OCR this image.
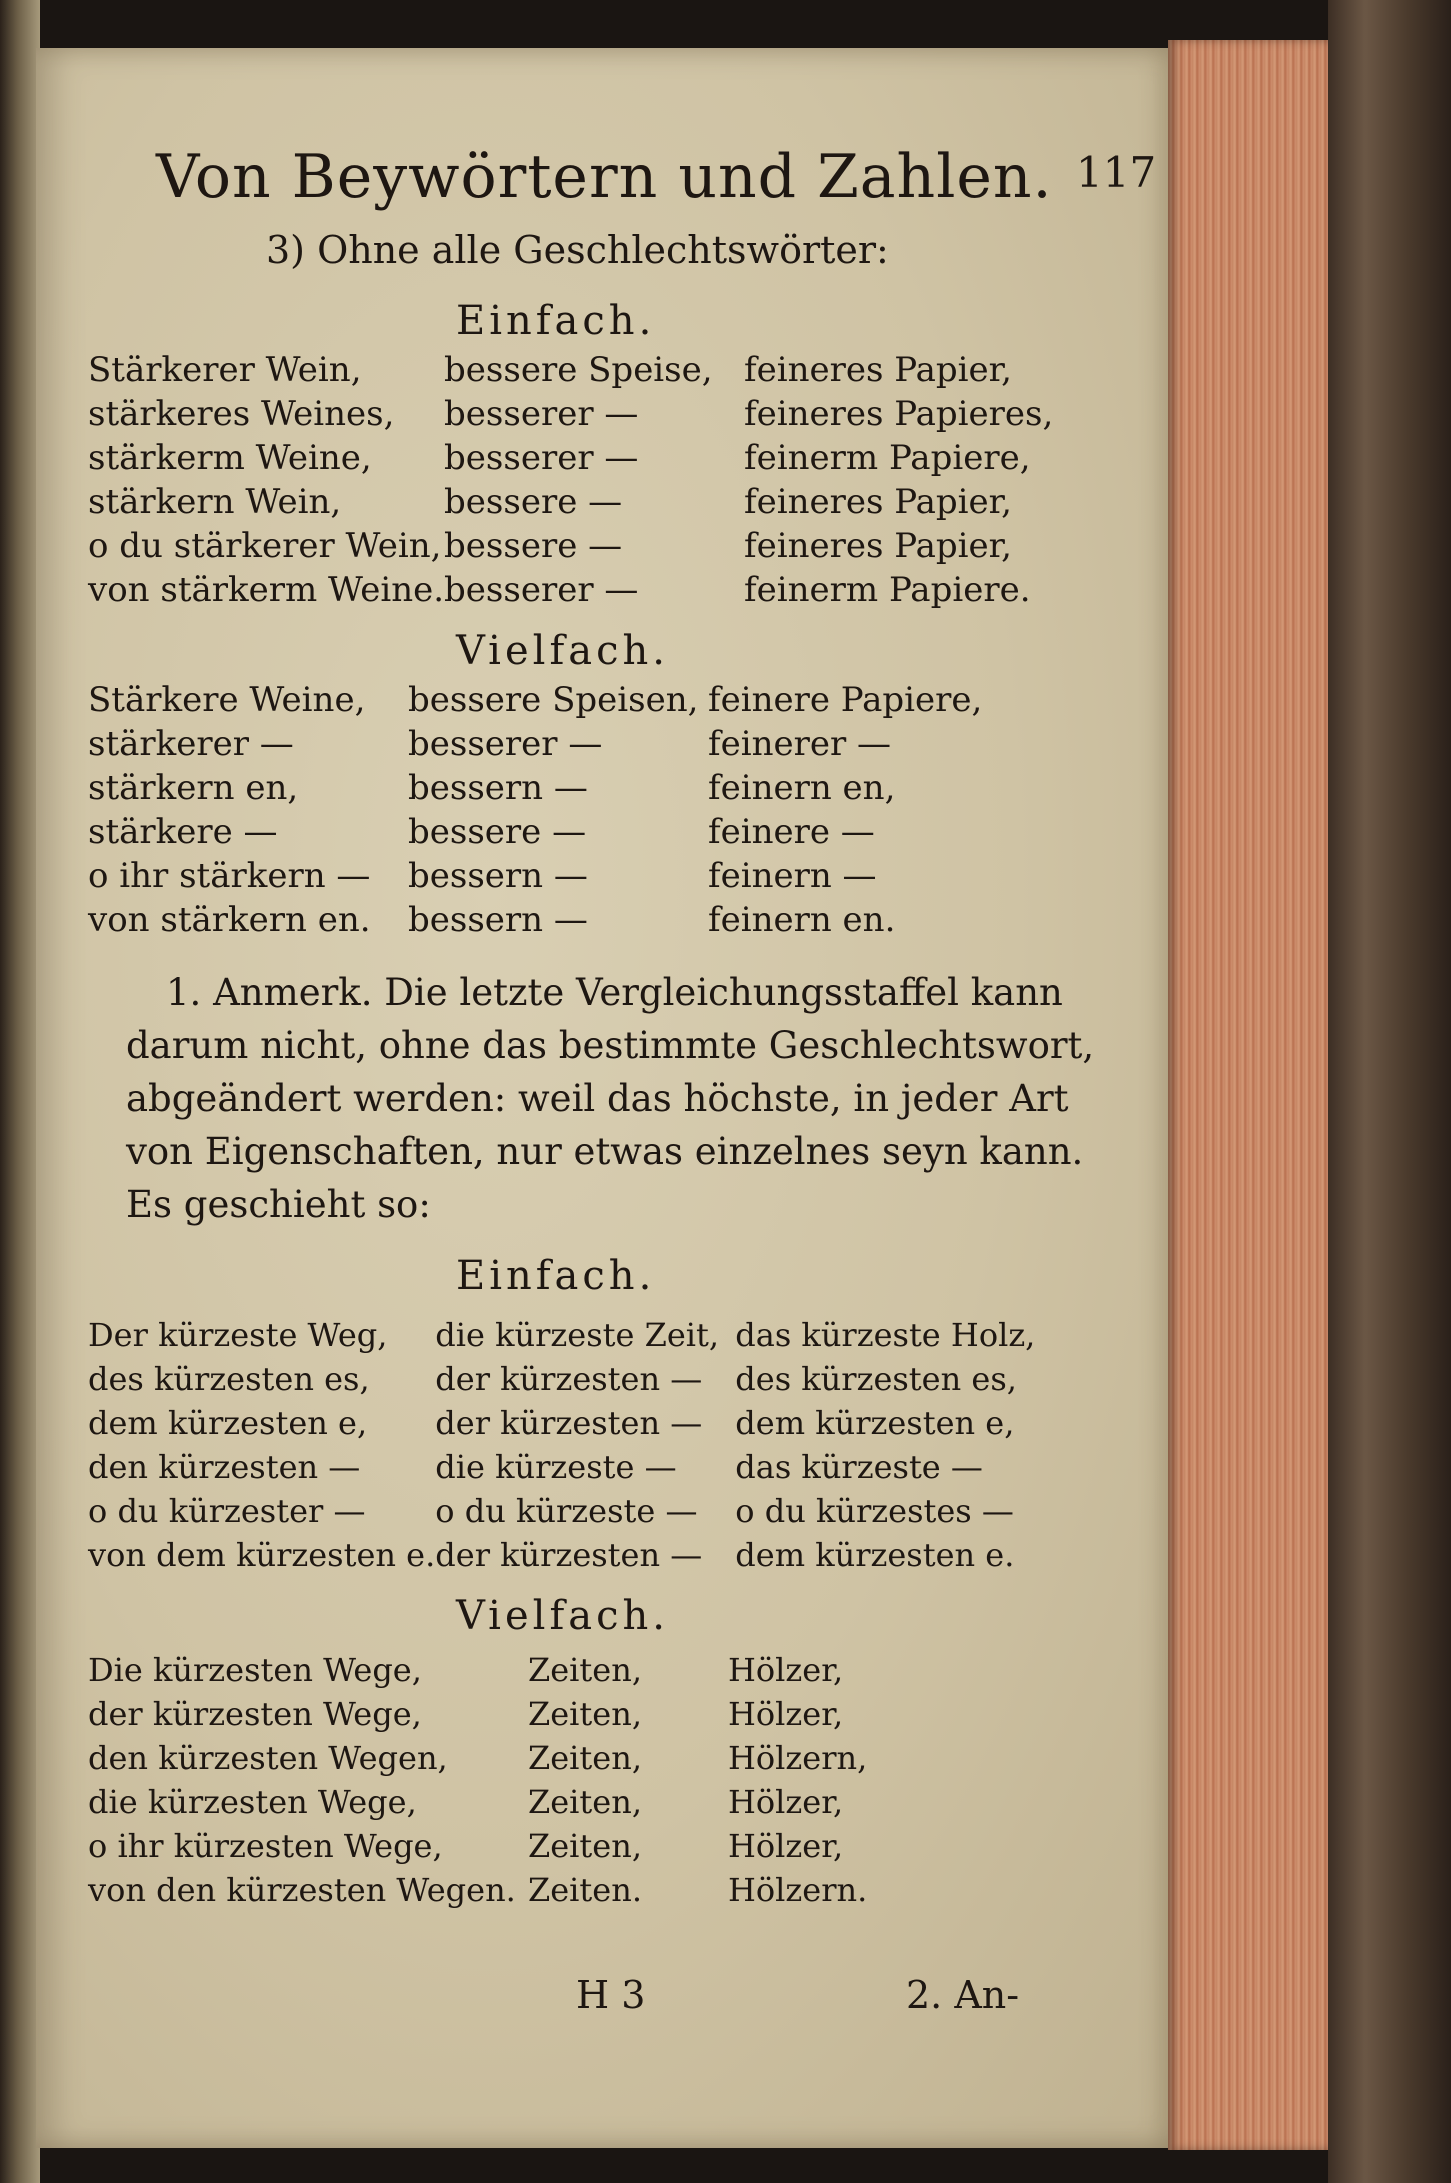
Von Beywörtern und Zahlen. 117
3) Ohne alle Geschlechtswörter:
Einfach.
Stärkerer Wein,	bessere Speise,	feineres Papier,
stärkeres Weines,	besserer —	feineres Papieres,
stärkerm Weine,	besserer —	feinerm Papiere,
stärkern Wein,	bessere —	feineres Papier,
o du stärkerer Wein,	bessere —	feineres Papier,
von stärkerm Weine.	besserer —	feinerm Papiere.
Vielfach.
Stärkere Weine,	bessere Speisen,	feinere Papiere,
stärkerer —	besserer —	feinerer —
stärkern en,	bessern —	feinern en,
stärkere —	bessere —	feinere —
o ihr stärkern —	bessern —	feinern —
von stärkern en.	bessern —	feinern en.

1. Anmerk. Die letzte Vergleichungsstaffel kann

darum nicht, ohne das bestimmte Geschlechtswort,

abgeändert werden: weil das höchste, in jeder Art

von Eigenschaften, nur etwas einzelnes seyn kann.

Es geschieht so:

Einfach.
Der kürzeste Weg,	die kürzeste Zeit,	das kürzeste Holz,
des kürzesten es,	der kürzesten —	des kürzesten es,
dem kürzesten e,	der kürzesten —	dem kürzesten e,
den kürzesten —	die kürzeste —	das kürzeste —
o du kürzester —	o du kürzeste —	o du kürzestes —
von dem kürzesten e.	der kürzesten —	dem kürzesten e.
Vielfach.
Die kürzesten Wege,	Zeiten,	Hölzer,
der kürzesten Wege,	Zeiten,	Hölzer,
den kürzesten Wegen,	Zeiten,	Hölzern,
die kürzesten Wege,	Zeiten,	Hölzer,
o ihr kürzesten Wege,	Zeiten,	Hölzer,
von den kürzesten Wegen.	Zeiten.	Hölzern.
H 3	2. An-
